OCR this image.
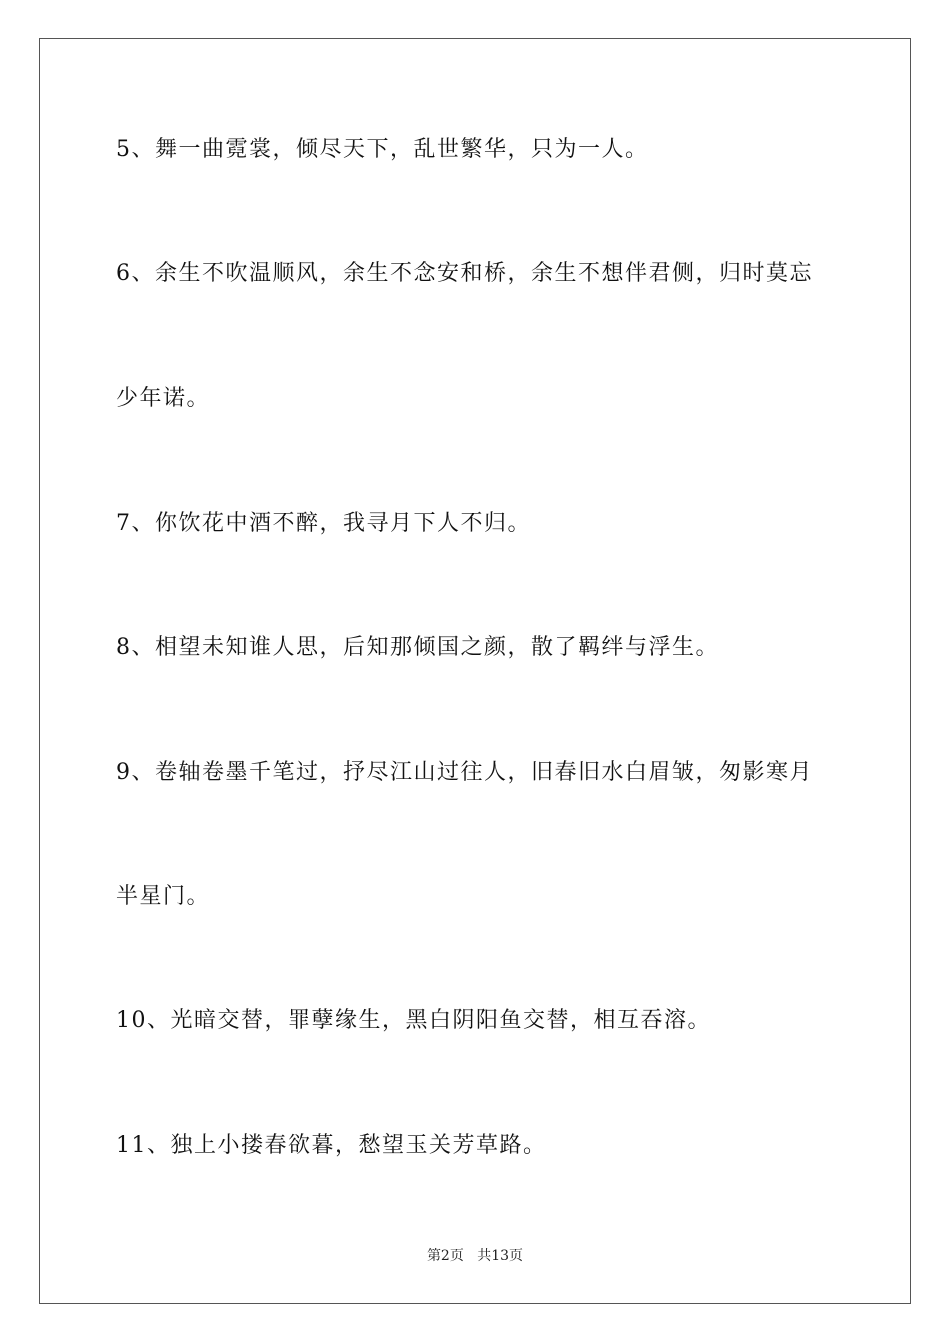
5、舞一曲霓裳，倾尽天下，乱世繁华，只为一人。
6、余生不吹温顺风，余生不念安和桥，余生不想伴君侧，归时莫忘
少年诺。
7、你饮花中酒不醉，我寻月下人不归。
8、相望未知谁人思，后知那倾国之颜，散了羁绊与浮生。
9、卷轴卷墨千笔过，抒尽江山过往人，旧春旧水白眉皱，匆影寒月
半星门。
10、光暗交替，罪孽缘生，黑白阴阳鱼交替，相互吞溶。
11、独上小搂春欲暮，愁望玉关芳草路。
第2页 共13页
